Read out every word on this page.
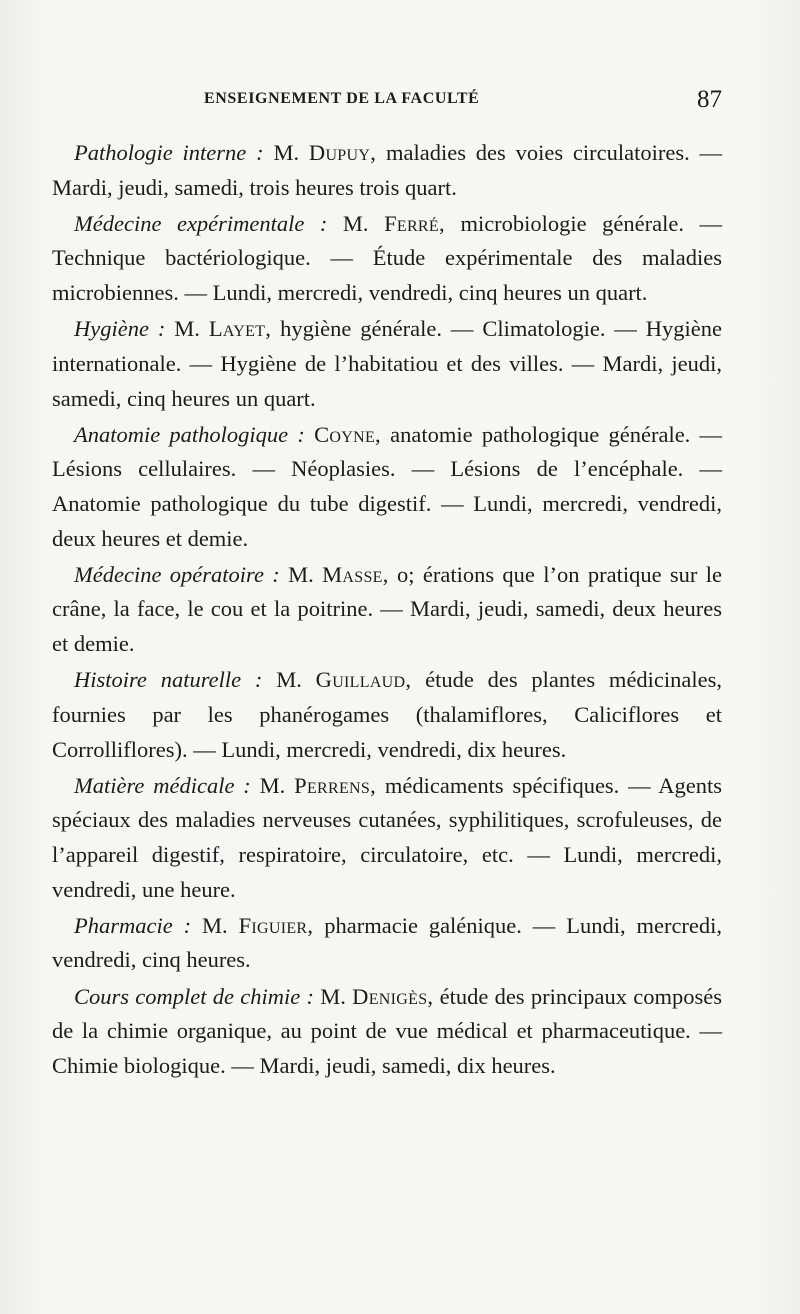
ENSEIGNEMENT DE LA FACULTÉ	87

Pathologie interne : M. Dupuy, maladies des voies circulatoires. — Mardi, jeudi, samedi, trois heures trois quart.

Médecine expérimentale : M. Ferré, microbiologie générale. — Technique bactériologique. — Étude expérimentale des maladies microbiennes. — Lundi, mercredi, vendredi, cinq heures un quart.

Hygiène : M. Layet, hygiène générale. — Climatologie. — Hygiène internationale. — Hygiène de l’habitatiou et des villes. — Mardi, jeudi, samedi, cinq heures un quart.

Anatomie pathologique : Coyne, anatomie pathologique générale. — Lésions cellulaires. — Néoplasies. — Lésions de l’encéphale. — Anatomie pathologique du tube digestif. — Lundi, mercredi, vendredi, deux heures et demie.

Médecine opératoire : M. Masse, o; érations que l’on pratique sur le crâne, la face, le cou et la poitrine. — Mardi, jeudi, samedi, deux heures et demie.

Histoire naturelle : M. Guillaud, étude des plantes médicinales, fournies par les phanérogames (thalamiflores, Caliciflores et Corrolliflores). — Lundi, mercredi, vendredi, dix heures.

Matière médicale : M. Perrens, médicaments spécifiques. — Agents spéciaux des maladies nerveuses cutanées, syphilitiques, scrofuleuses, de l’appareil digestif, respiratoire, circulatoire, etc. — Lundi, mercredi, vendredi, une heure.

Pharmacie : M. Figuier, pharmacie galénique. — Lundi, mercredi, vendredi, cinq heures.

Cours complet de chimie : M. Denigès, étude des principaux composés de la chimie organique, au point de vue médical et pharmaceutique. — Chimie biologique. — Mardi, jeudi, samedi, dix heures.
